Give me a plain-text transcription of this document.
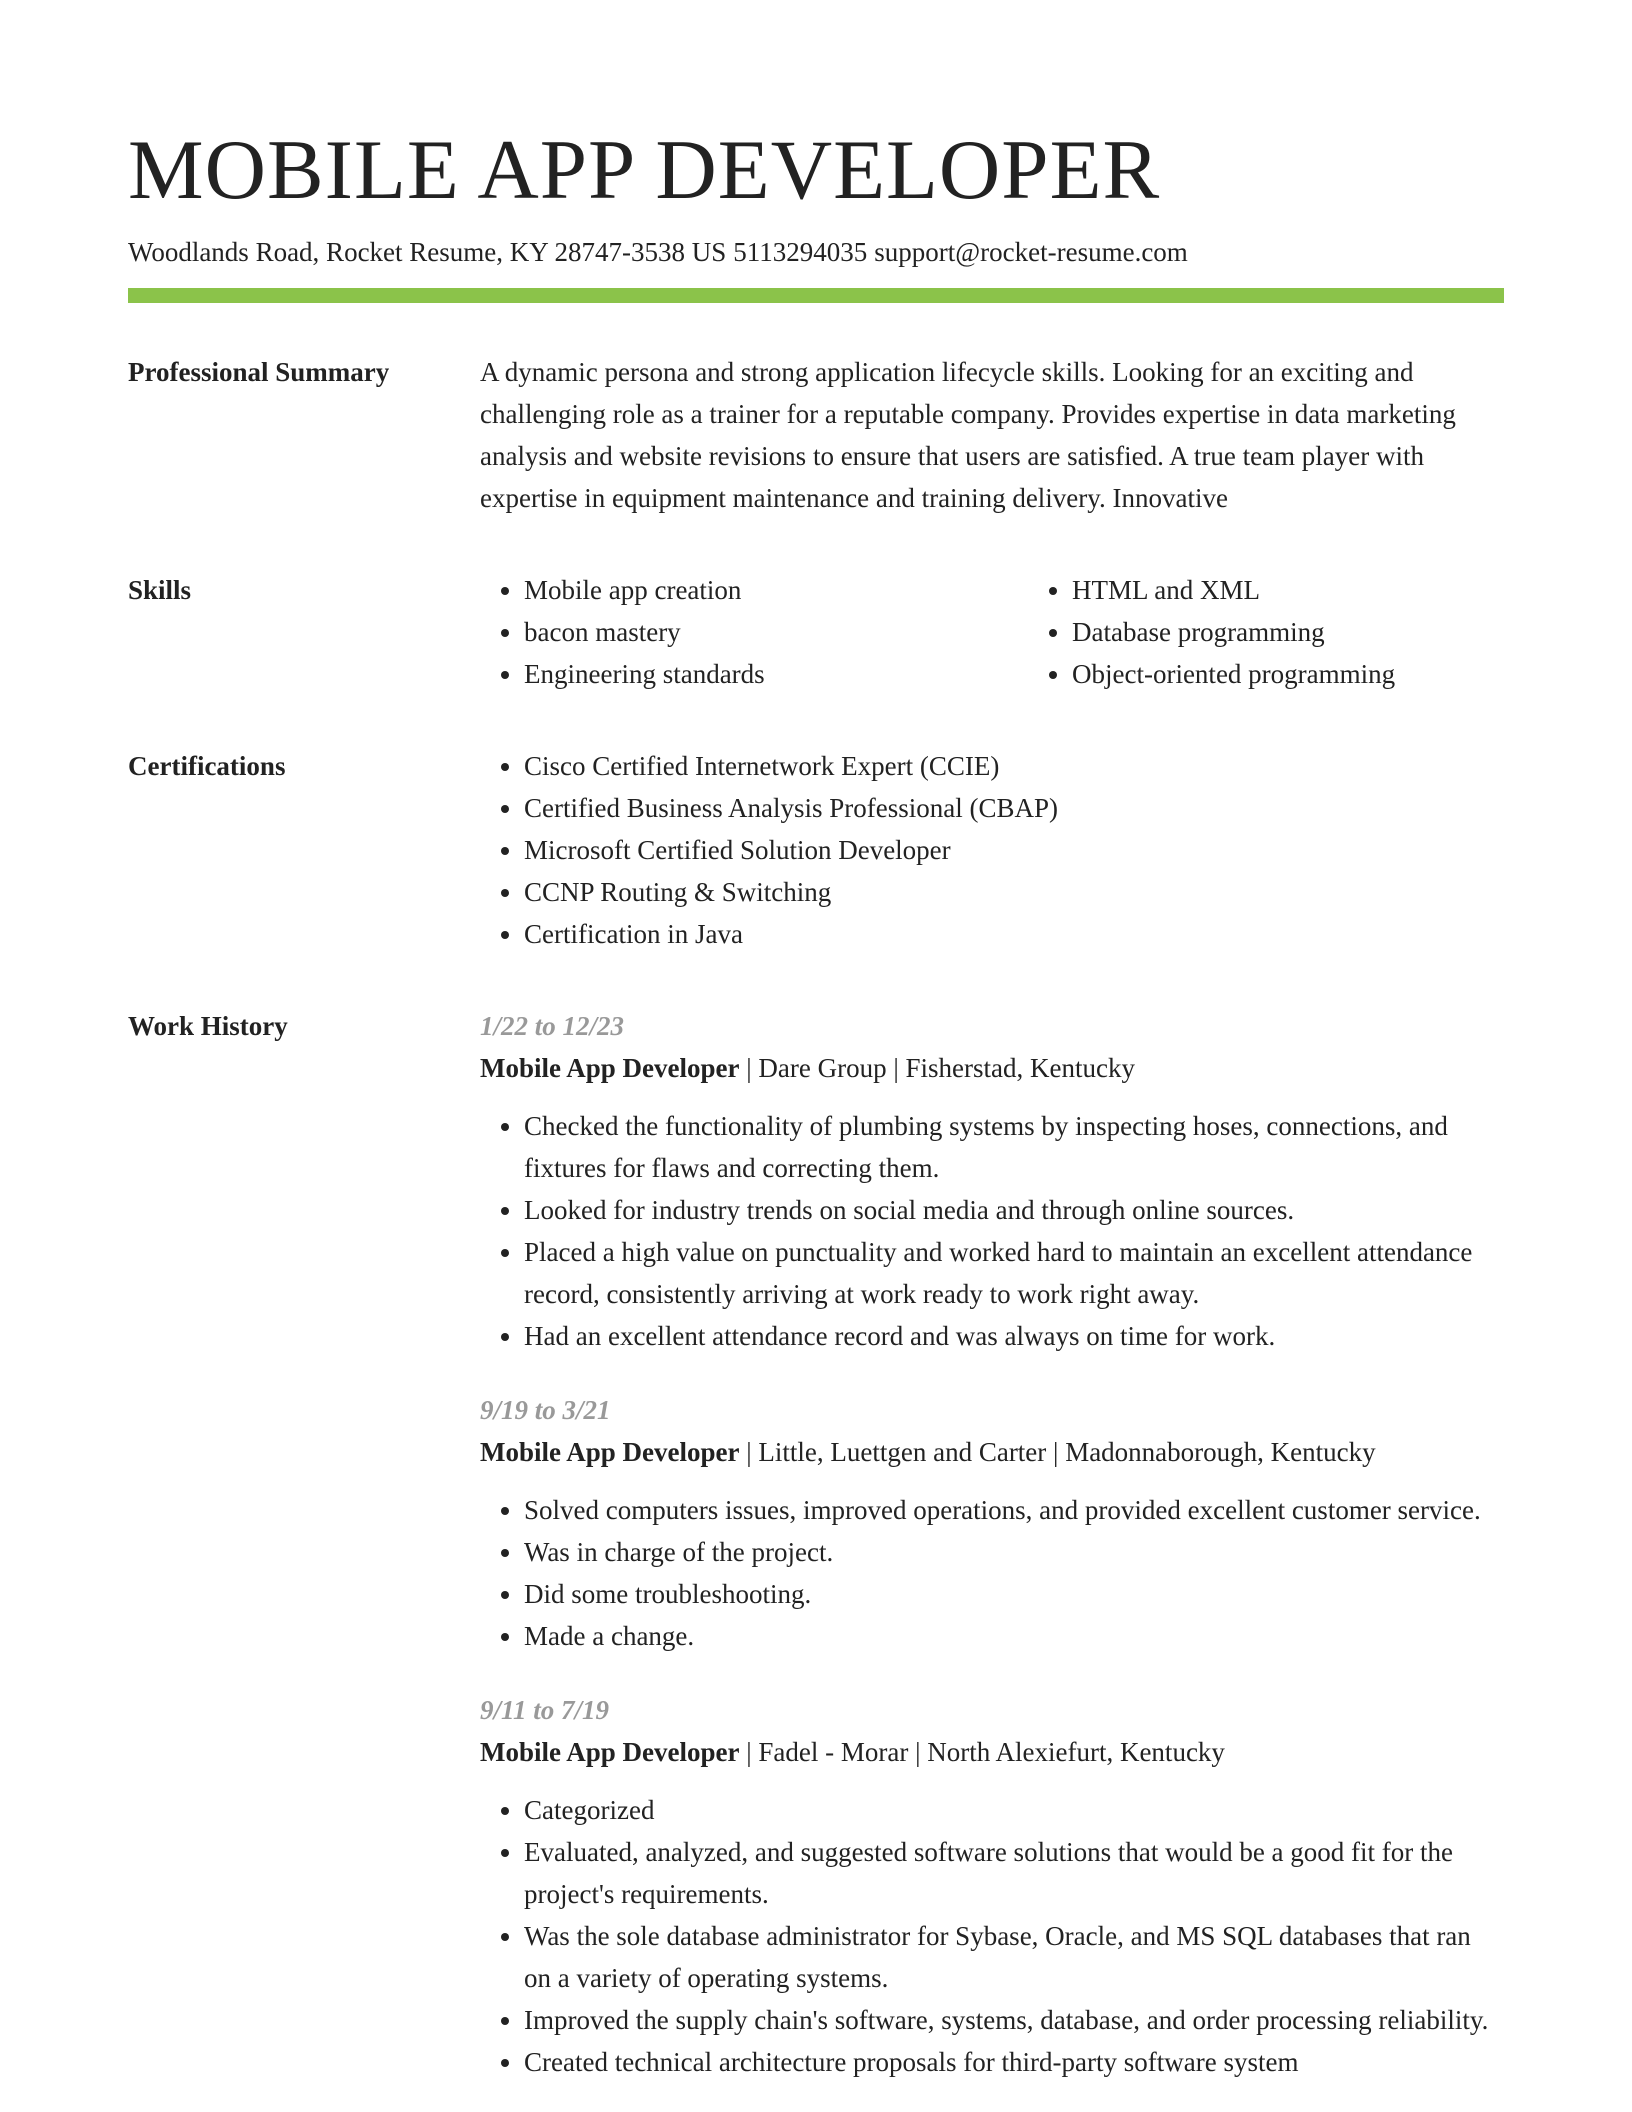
MOBILE APP DEVELOPER
Woodlands Road, Rocket Resume, KY 28747-3538 US 5113294035 support@rocket-resume.com
Professional Summary	A dynamic persona and strong application lifecycle skills. Looking for an exciting and challenging role as a trainer for a reputable company. Provides expertise in data marketing analysis and website revisions to ensure that users are satisfied. A true team player with expertise in equipment maintenance and training delivery. Innovative

Skills	• Mobile app creation
• bacon mastery
• Engineering standards
• HTML and XML
• Database programming
• Object-oriented programming
Certifications	• Cisco Certified Internetwork Expert (CCIE)
• Certified Business Analysis Professional (CBAP)
• Microsoft Certified Solution Developer
• CCNP Routing & Switching
• Certification in Java
Work History	1/22 to 12/23
Mobile App Developer | Dare Group | Fisherstad, Kentucky
• Checked the functionality of plumbing systems by inspecting hoses, connections, and fixtures for flaws and correcting them.
• Looked for industry trends on social media and through online sources.
• Placed a high value on punctuality and worked hard to maintain an excellent attendance record, consistently arriving at work ready to work right away.
• Had an excellent attendance record and was always on time for work.
9/19 to 3/21
Mobile App Developer | Little, Luettgen and Carter | Madonnaborough, Kentucky
• Solved computers issues, improved operations, and provided excellent customer service.
• Was in charge of the project.
• Did some troubleshooting.
• Made a change.
9/11 to 7/19
Mobile App Developer | Fadel - Morar | North Alexiefurt, Kentucky
• Categorized
• Evaluated, analyzed, and suggested software solutions that would be a good fit for the project's requirements.
• Was the sole database administrator for Sybase, Oracle, and MS SQL databases that ran on a variety of operating systems.
• Improved the supply chain's software, systems, database, and order processing reliability.
• Created technical architecture proposals for third-party software system
